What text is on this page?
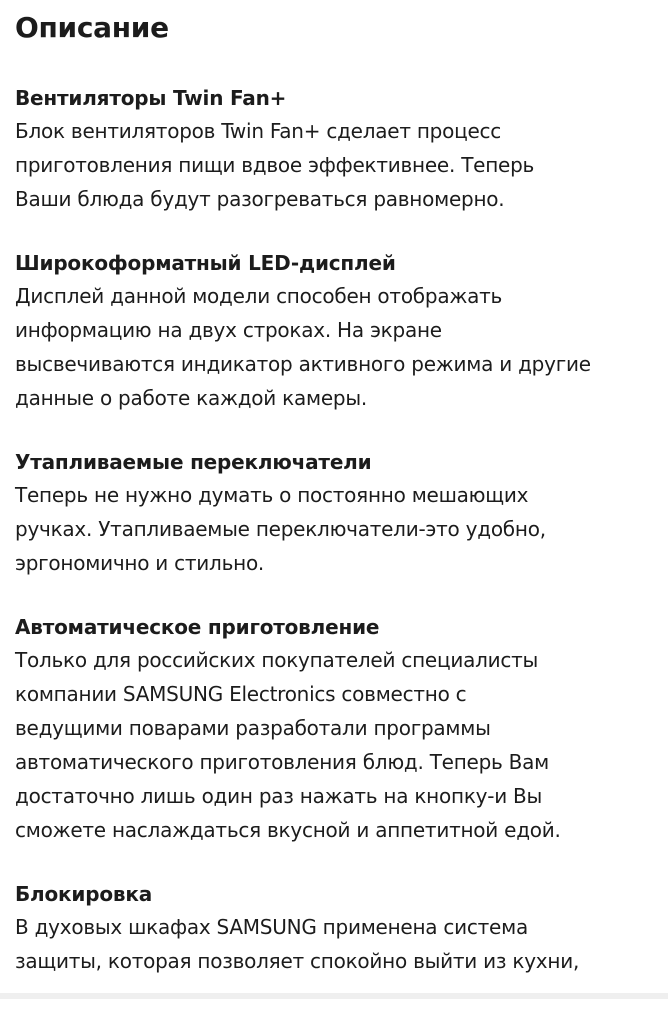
Описание
Вентиляторы Twin Fan+

Блок вентиляторов Twin Fan+ сделает процесс
приготовления пищи вдвое эффективнее. Теперь
Ваши блюда будут разогреваться равномерно.

Широкоформатный LED-дисплей

Дисплей данной модели способен отображать
информацию на двух строках. На экране
высвечиваются индикатор активного режима и другие
данные о работе каждой камеры.

Утапливаемые переключатели

Теперь не нужно думать о постоянно мешающих
ручках. Утапливаемые переключатели-это удобно,
эргономично и стильно.

Автоматическое приготовление

Только для российских покупателей специалисты
компании SAMSUNG Electronics совместно с
ведущими поварами разработали программы
автоматического приготовления блюд. Теперь Вам
достаточно лишь один раз нажать на кнопку-и Вы
сможете наслаждаться вкусной и аппетитной едой.

Блокировка

В духовых шкафах SAMSUNG применена система
защиты, которая позволяет спокойно выйти из кухни,
